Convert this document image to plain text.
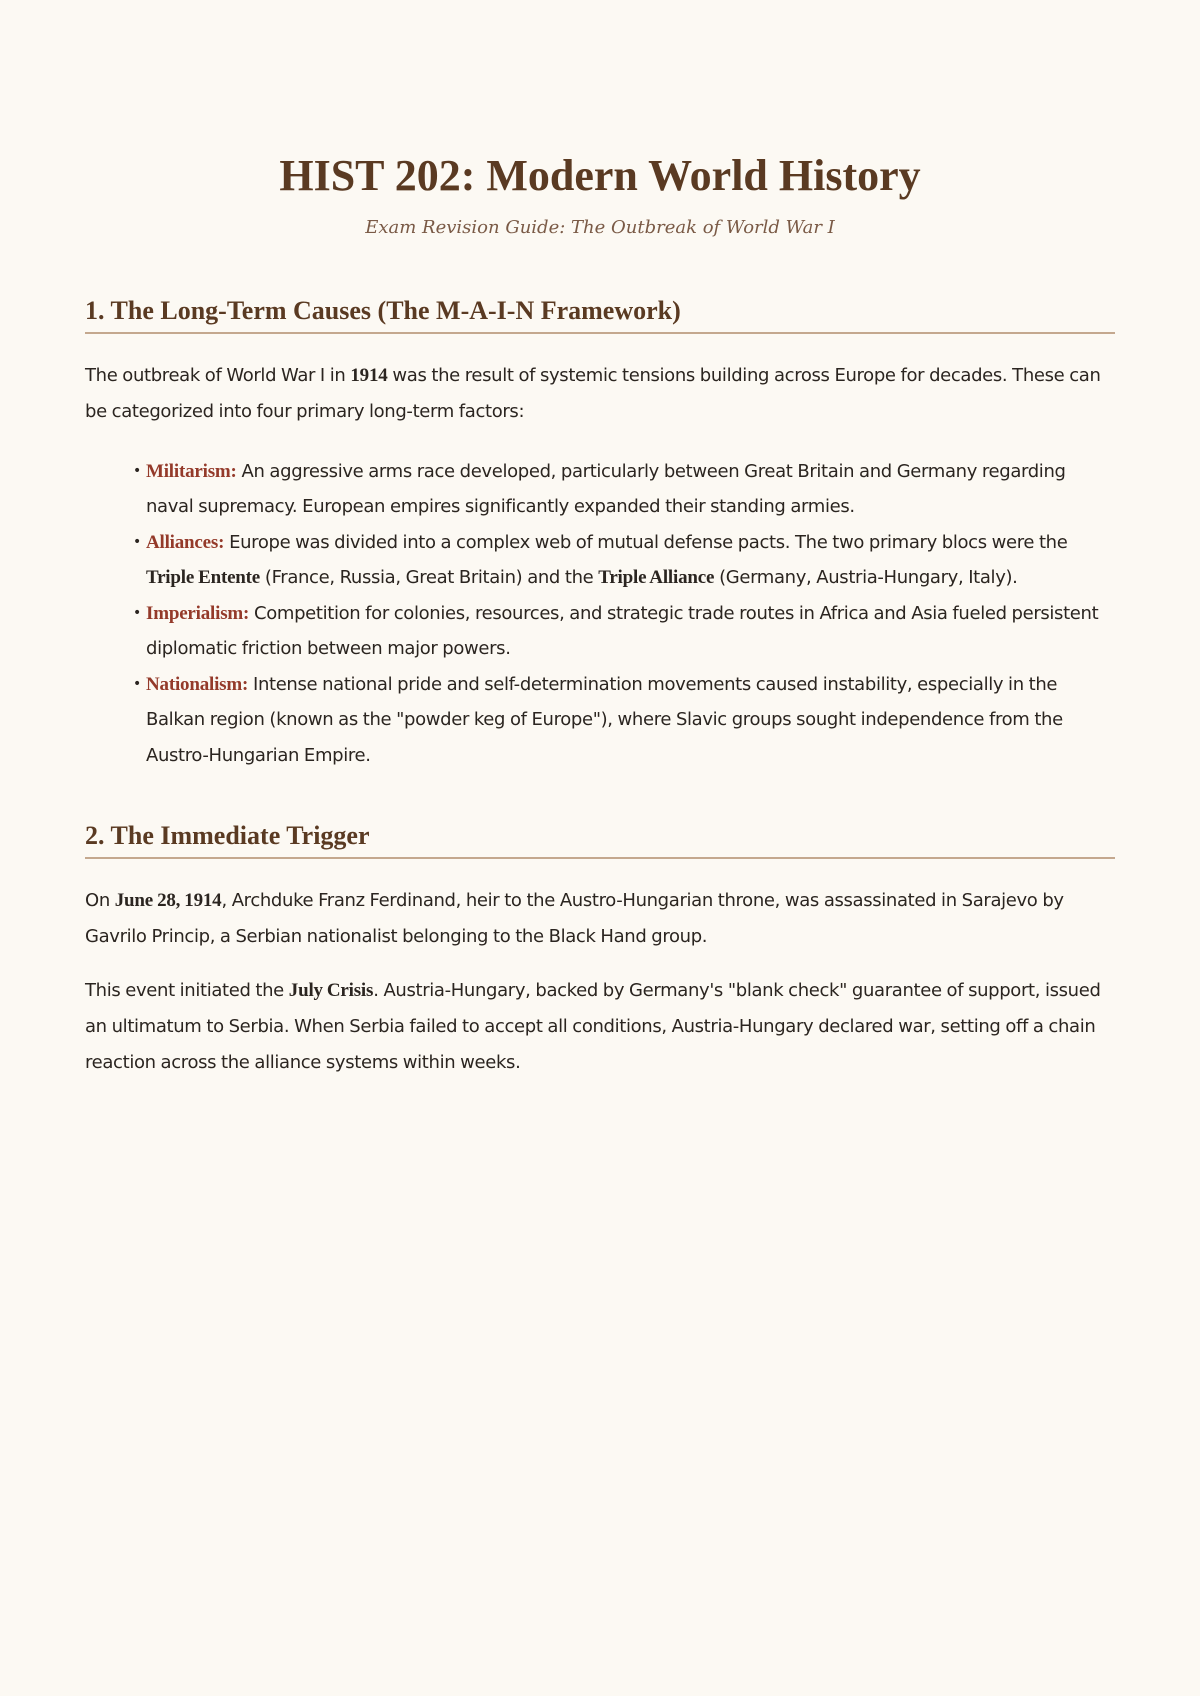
HIST 202: Modern World History

Exam Revision Guide: The Outbreak of World War I

1. The Long-Term Causes (The M-A-I-N Framework)

The outbreak of World War I in 1914 was the result of systemic tensions building across Europe for decades. These can be categorized into four primary long-term factors:

• Militarism: An aggressive arms race developed, particularly between Great Britain and Germany regarding naval supremacy. European empires significantly expanded their standing armies.
• Alliances: Europe was divided into a complex web of mutual defense pacts. The two primary blocs were the Triple Entente (France, Russia, Great Britain) and the Triple Alliance (Germany, Austria-Hungary, Italy).
• Imperialism: Competition for colonies, resources, and strategic trade routes in Africa and Asia fueled persistent diplomatic friction between major powers.
• Nationalism: Intense national pride and self-determination movements caused instability, especially in the Balkan region (known as the "powder keg of Europe"), where Slavic groups sought independence from the Austro-Hungarian Empire.
2. The Immediate Trigger

On June 28, 1914, Archduke Franz Ferdinand, heir to the Austro-Hungarian throne, was assassinated in Sarajevo by Gavrilo Princip, a Serbian nationalist belonging to the Black Hand group.

This event initiated the July Crisis. Austria-Hungary, backed by Germany's "blank check" guarantee of support, issued an ultimatum to Serbia. When Serbia failed to accept all conditions, Austria-Hungary declared war, setting off a chain reaction across the alliance systems within weeks.
